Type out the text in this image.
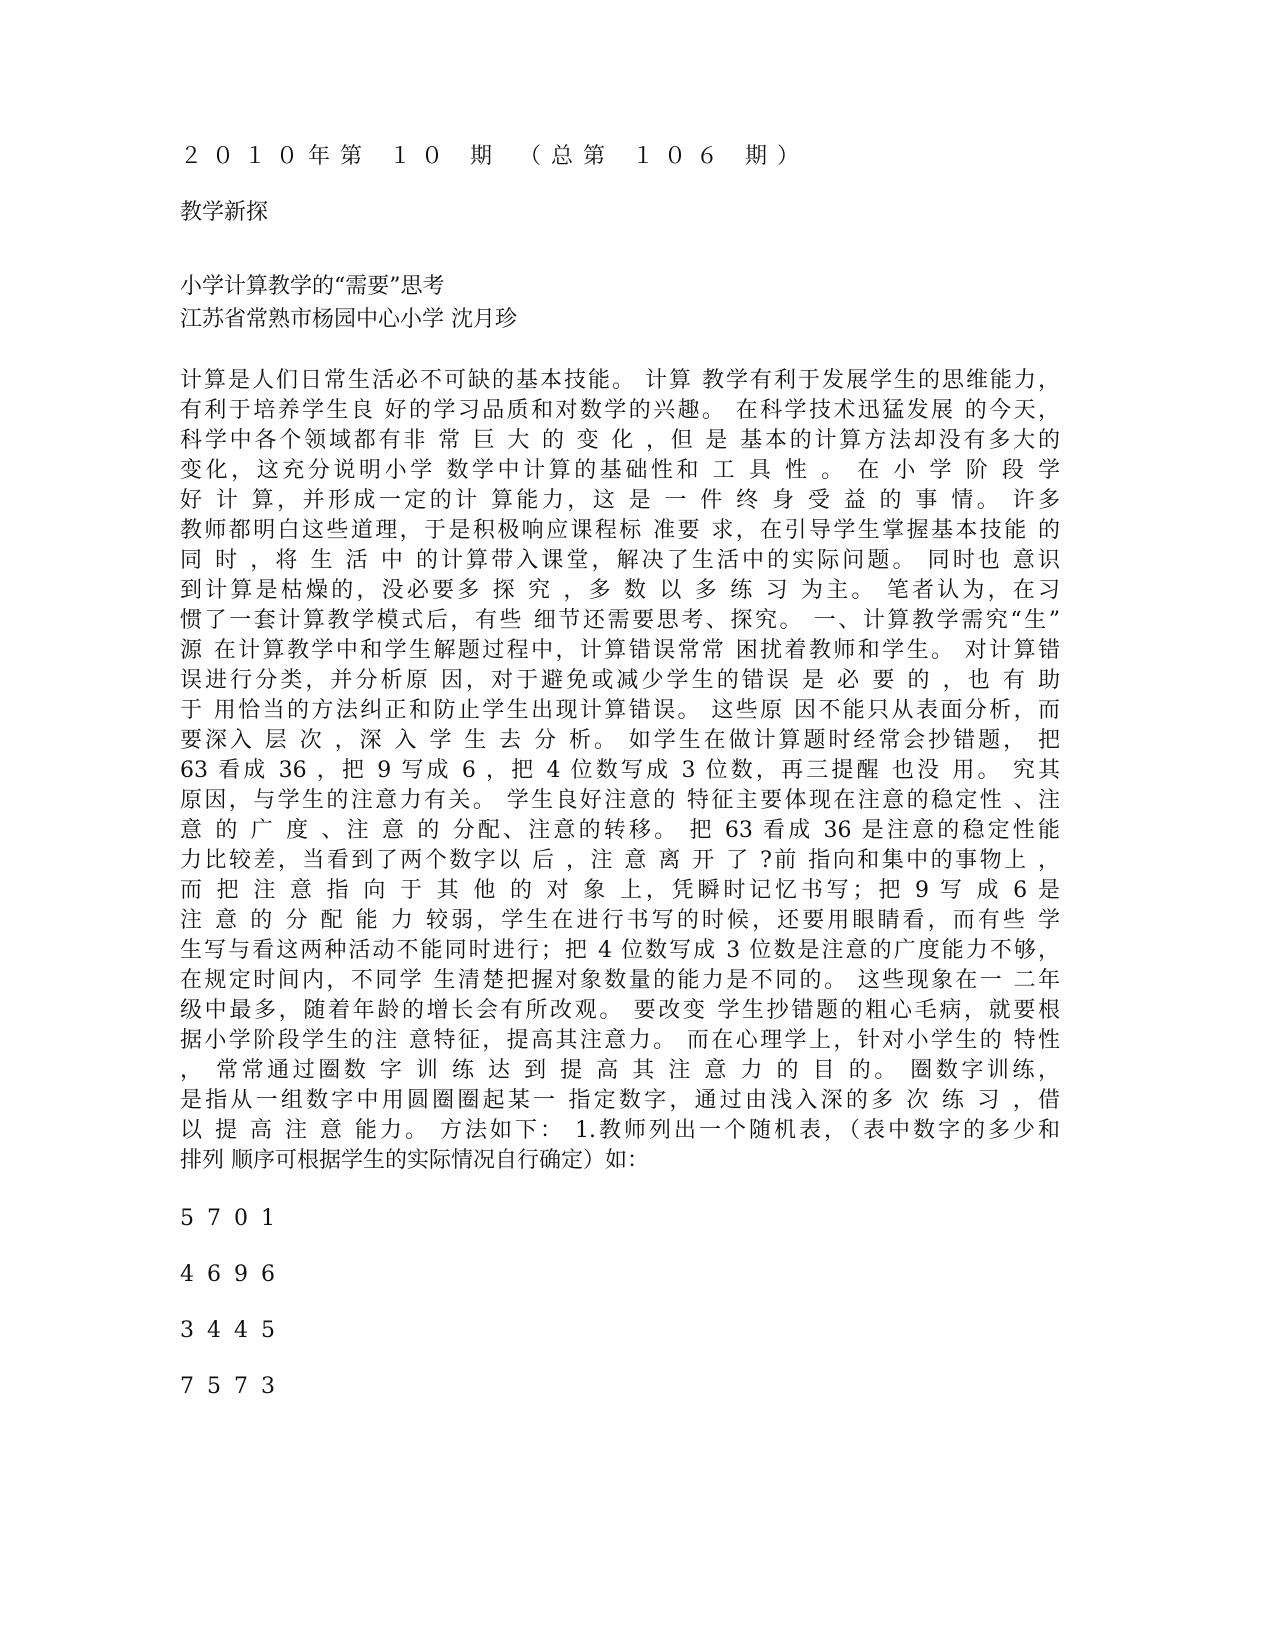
２０１０年第 １０ 期 （总第 １０６ 期）

教学新探

小学计算教学的“需要”思考

江苏省常熟市杨园中心小学 沈月珍

计算是人们日常生活必不可缺的基本技能。 计算 教学有利于发展学生的思维能力，
有利于培养学生良 好的学习品质和对数学的兴趣。 在科学技术迅猛发展 的今天，
科学中各个领域都有非 常 巨 大 的 变 化 ，但 是 基本的计算方法却没有多大的
变化，这充分说明小学 数学中计算的基础性和 工 具 性 。 在 小 学 阶 段 学
好 计 算，并形成一定的计 算能力，这 是 一 件 终 身 受 益 的 事 情。 许多
教师都明白这些道理，于是积极响应课程标 准要 求，在引导学生掌握基本技能 的
同 时 ，将 生 活 中 的计算带入课堂，解决了生活中的实际问题。 同时也 意识
到计算是枯燥的，没必要多 探 究 ，多 数 以 多 练 习 为主。 笔者认为，在习
惯了一套计算教学模式后，有些 细节还需要思考、探究。 一、计算教学需究“生”
源 在计算教学中和学生解题过程中，计算错误常常 困扰着教师和学生。 对计算错
误进行分类，并分析原 因，对于避免或减少学生的错误 是 必 要 的 ，也 有 助
于 用恰当的方法纠正和防止学生出现计算错误。 这些原 因不能只从表面分析，而
要深入 层 次 ，深 入 学 生 去 分 析。 如学生在做计算题时经常会抄错题， 把
63 看成 36 ，把 9 写成 6 ，把 4 位数写成 3 位数，再三提醒 也没 用。 究其
原因，与学生的注意力有关。 学生良好注意的 特征主要体现在注意的稳定性 、注
意 的 广 度 、注 意 的 分配、注意的转移。 把 63 看成 36 是注意的稳定性能
力比较差，当看到了两个数字以 后 ，注 意 离 开 了 ?前 指向和集中的事物上 ，
而 把 注 意 指 向 于 其 他 的 对 象 上，凭瞬时记忆书写；把 9 写 成 6 是
注 意 的 分 配 能 力 较弱，学生在进行书写的时候，还要用眼睛看，而有些 学
生写与看这两种活动不能同时进行；把 4 位数写成 3 位数是注意的广度能力不够，
在规定时间内，不同学 生清楚把握对象数量的能力是不同的。 这些现象在一 二年
级中最多，随着年龄的增长会有所改观。 要改变 学生抄错题的粗心毛病，就要根
据小学阶段学生的注 意特征，提高其注意力。 而在心理学上，针对小学生的 特性
， 常常通过圈数 字 训 练 达 到 提 高 其 注 意 力 的 目 的。 圈数字训练，
是指从一组数字中用圆圈圈起某一 指定数字，通过由浅入深的多 次 练 习 ，借
以 提 高 注 意 能力。 方法如下： 1.教师列出一个随机表，（表中数字的多少和
排列 顺序可根据学生的实际情况自行确定）如：

5 7 0 1

4 6 9 6

3 4 4 5

7 5 7 3
